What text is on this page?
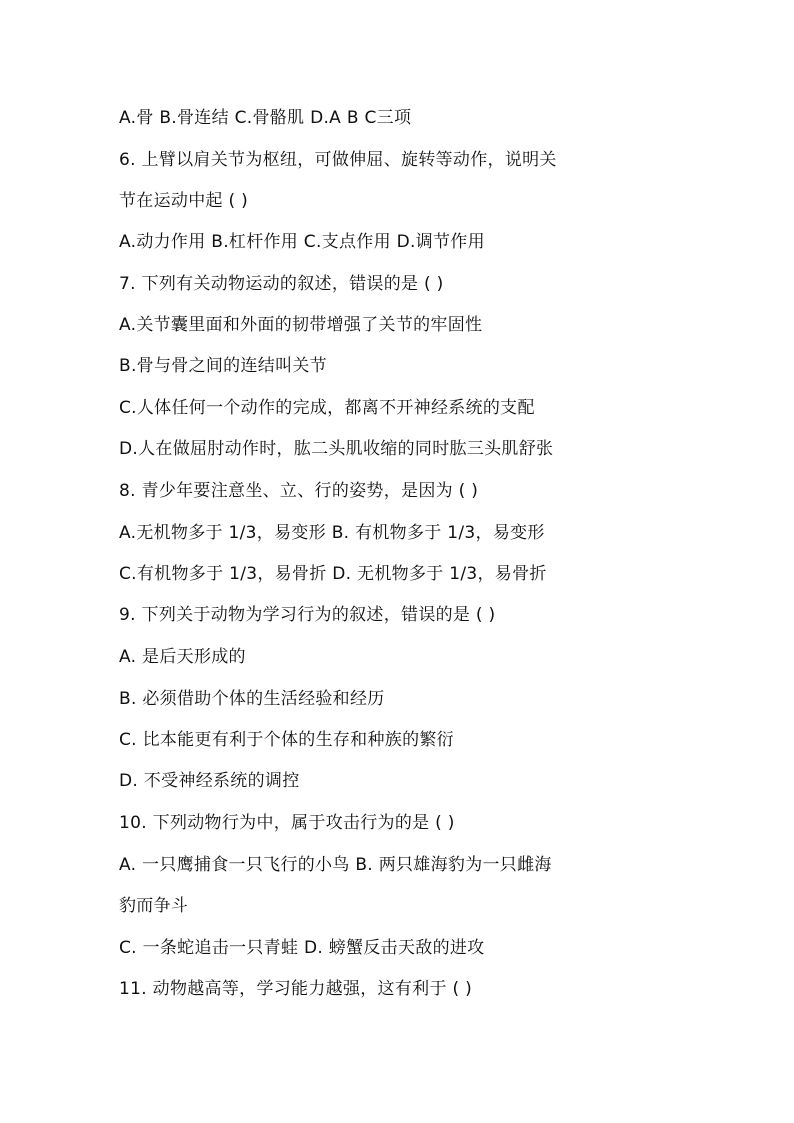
A.骨 B.骨连结 C.骨骼肌 D.A B C三项
6. 上臂以肩关节为枢纽，可做伸屈、旋转等动作，说明关
节在运动中起 ( )
A.动力作用 B.杠杆作用 C.支点作用 D.调节作用
7. 下列有关动物运动的叙述，错误的是 ( )
A.关节囊里面和外面的韧带增强了关节的牢固性
B.骨与骨之间的连结叫关节
C.人体任何一个动作的完成，都离不开神经系统的支配
D.人在做屈肘动作时，肱二头肌收缩的同时肱三头肌舒张
8. 青少年要注意坐、立、行的姿势，是因为 ( )
A.无机物多于 1/3，易变形 B. 有机物多于 1/3，易变形
C.有机物多于 1/3，易骨折 D. 无机物多于 1/3，易骨折
9. 下列关于动物为学习行为的叙述，错误的是 ( )
A. 是后天形成的
B. 必须借助个体的生活经验和经历
C. 比本能更有利于个体的生存和种族的繁衍
D. 不受神经系统的调控
10. 下列动物行为中，属于攻击行为的是 ( )
A. 一只鹰捕食一只飞行的小鸟 B. 两只雄海豹为一只雌海
豹而争斗
C. 一条蛇追击一只青蛙 D. 螃蟹反击天敌的进攻
11. 动物越高等，学习能力越强，这有利于 ( )
